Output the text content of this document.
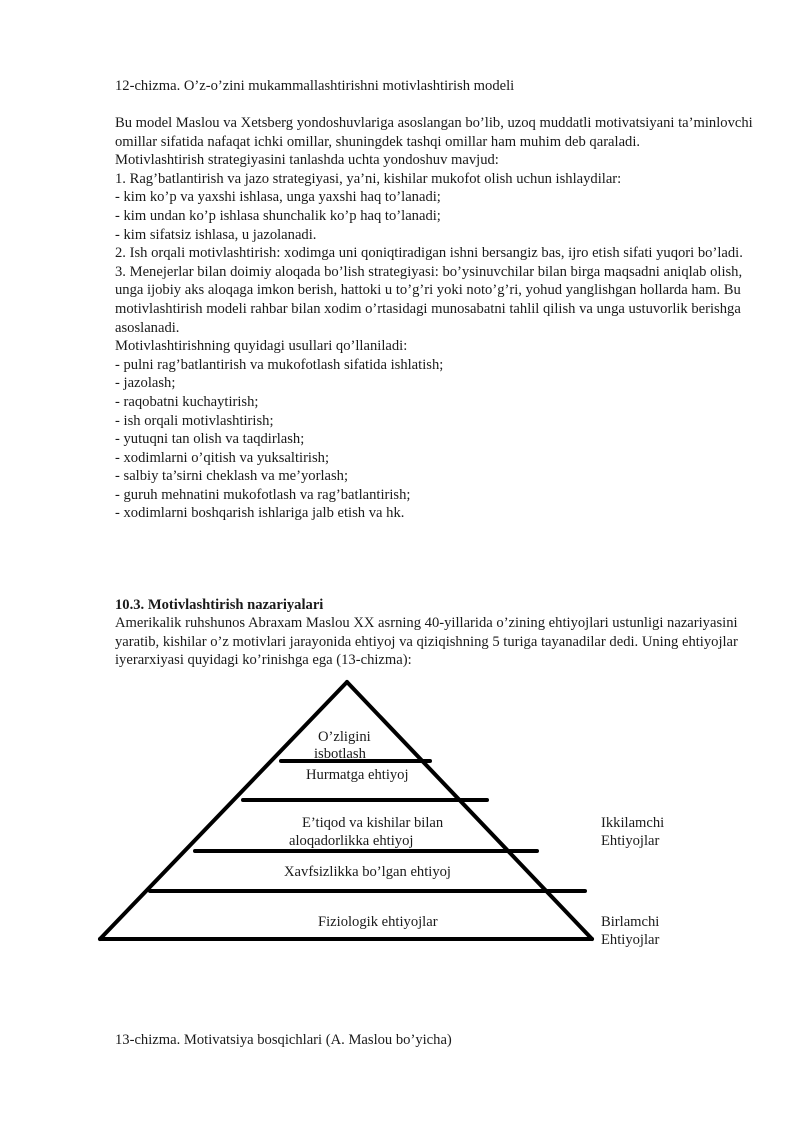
12-chizma. O’z-o’zini mukammallashtirishni motivlashtirish modeli

Bu model Maslou va Xetsberg yondoshuvlariga asoslangan bo’lib, uzoq muddatli motivatsiyani ta’minlovchi omillar sifatida nafaqat ichki omillar, shuningdek tashqi omillar ham muhim deb qaraladi.

Motivlashtirish strategiyasini tanlashda uchta yondoshuv mavjud:

1. Rag’batlantirish va jazo strategiyasi, ya’ni, kishilar mukofot olish uchun ishlaydilar:

- kim ko’p va yaxshi ishlasa, unga yaxshi haq to’lanadi;
- kim undan ko’p ishlasa shunchalik ko’p haq to’lanadi;
- kim sifatsiz ishlasa, u jazolanadi.

2. Ish orqali motivlashtirish: xodimga uni qoniqtiradigan ishni bersangiz bas, ijro etish sifati yuqori bo’ladi.

3. Menejerlar bilan doimiy aloqada bo’lish strategiyasi: bo’ysinuvchilar bilan birga maqsadni aniqlab olish, unga ijobiy aks aloqaga imkon berish, hattoki u to’g’ri yoki noto’g’ri, yohud yanglishgan hollarda ham. Bu motivlashtirish modeli rahbar bilan xodim o’rtasidagi munosabatni tahlil qilish va unga ustuvorlik berishga asoslanadi.

Motivlashtirishning quyidagi usullari qo’llaniladi:

- pulni rag’batlantirish va mukofotlash sifatida ishlatish;
- jazolash;
- raqobatni kuchaytirish;
- ish orqali motivlashtirish;
- yutuqni tan olish va taqdirlash;
- xodimlarni o’qitish va yuksaltirish;
- salbiy ta’sirni cheklash va me’yorlash;
- guruh mehnatini mukofotlash va rag’batlantirish;
- xodimlarni boshqarish ishlariga jalb etish va hk.
10.3. Motivlashtirish nazariyalari
Amerikalik ruhshunos Abraxam Maslou XX asrning 40-yillarida o’zining ehtiyojlari ustunligi nazariyasini yaratib, kishilar o’z motivlari jarayonida ehtiyoj va qiziqishning 5 turiga tayanadilar dedi. Uning ehtiyojlar iyerarxiyasi quyidagi ko’rinishga ega (13-chizma):
O’zligini
isbotlash
Hurmatga ehtiyoj
E’tiqod va kishilar bilan
aloqadorlikka ehtiyoj
Xavfsizlikka bo’lgan ehtiyoj
Fiziologik ehtiyojlar
Ikkilamchi
Ehtiyojlar
Birlamchi
Ehtiyojlar
13-chizma. Motivatsiya bosqichlari (A. Maslou bo’yicha)
